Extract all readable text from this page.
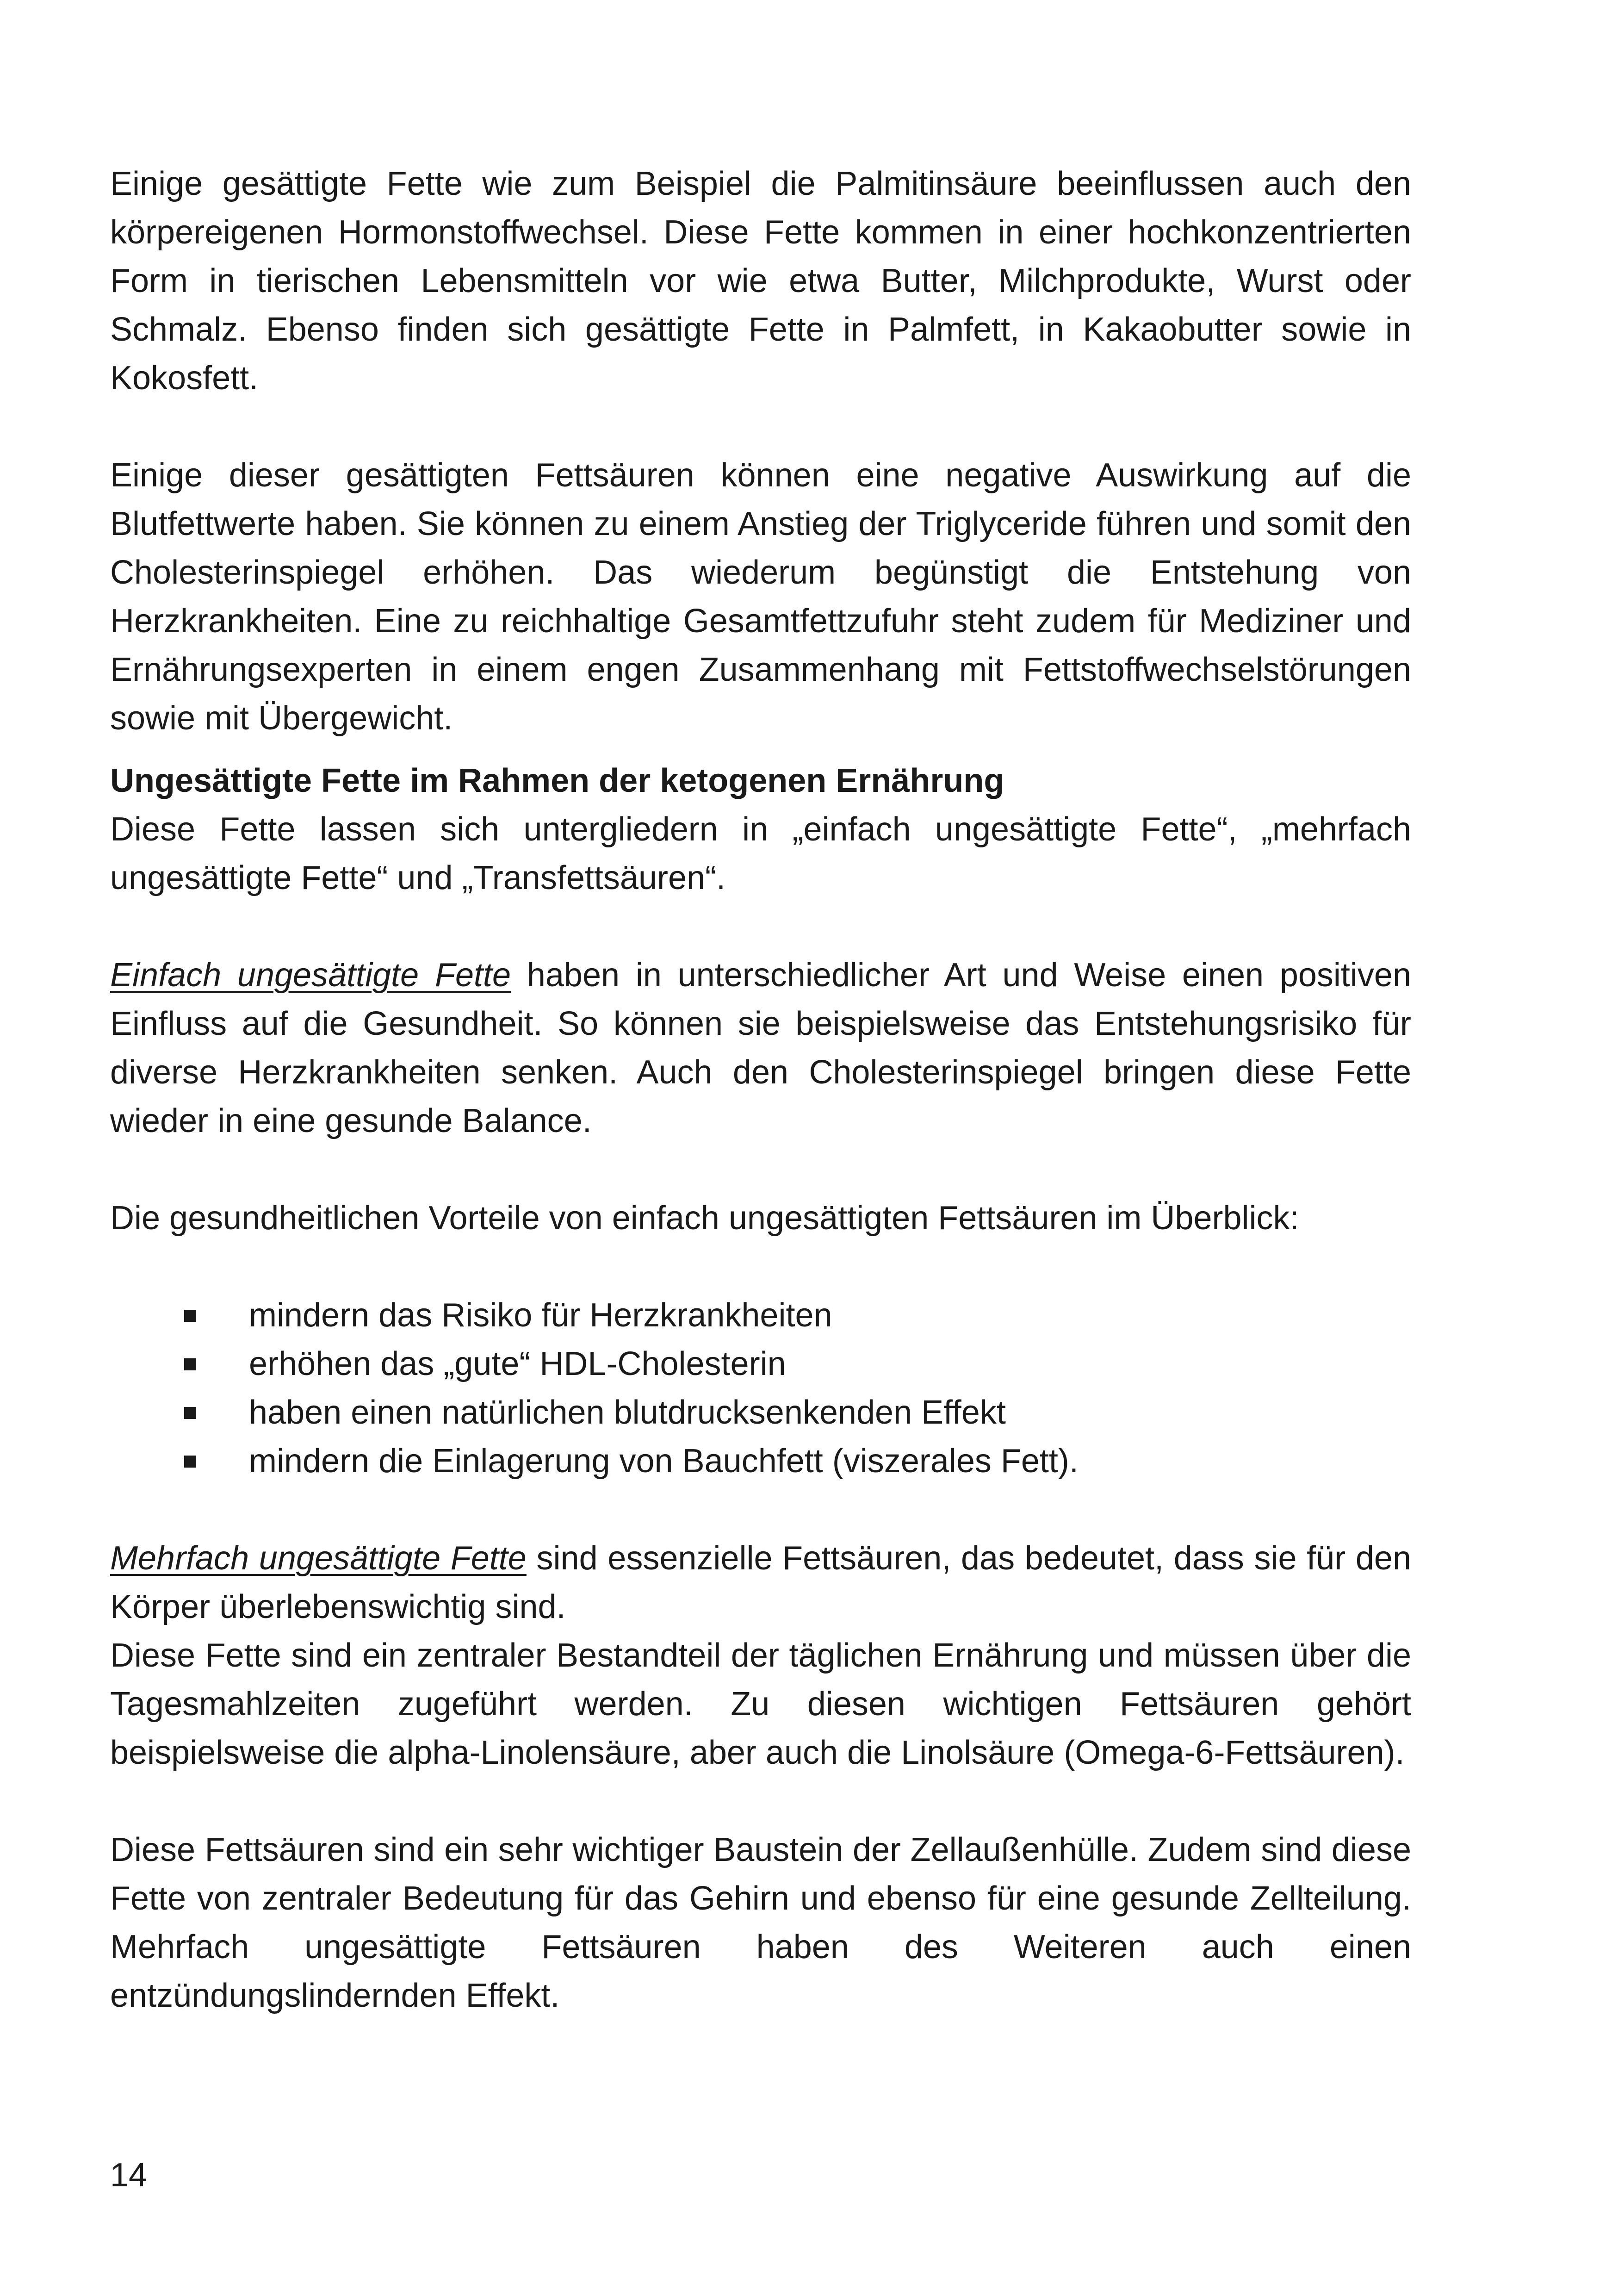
Einige gesättigte Fette wie zum Beispiel die Palmitinsäure beeinflussen auch den körpereigenen Hormonstoffwechsel. Diese Fette kommen in einer hochkonzentrierten Form in tierischen Lebensmitteln vor wie etwa Butter, Milchprodukte, Wurst oder Schmalz. Ebenso finden sich gesättigte Fette in Palmfett, in Kakaobutter sowie in Kokosfett.

Einige dieser gesättigten Fettsäuren können eine negative Auswirkung auf die Blutfettwerte haben. Sie können zu einem Anstieg der Triglyceride führen und somit den Cholesterinspiegel erhöhen. Das wiederum begünstigt die Entstehung von Herzkrankheiten. Eine zu reichhaltige Gesamtfettzufuhr steht zudem für Mediziner und Ernährungsexperten in einem engen Zusammenhang mit Fettstoffwechselstörungen sowie mit Übergewicht.

Ungesättigte Fette im Rahmen der ketogenen Ernährung

Diese Fette lassen sich untergliedern in „einfach ungesättigte Fette“, „mehrfach ungesättigte Fette“ und „Transfettsäuren“.

Einfach ungesättigte Fette haben in unterschiedlicher Art und Weise einen positiven Einfluss auf die Gesundheit. So können sie beispielsweise das Entstehungsrisiko für diverse Herzkrankheiten senken. Auch den Cholesterinspiegel bringen diese Fette wieder in eine gesunde Balance.

Die gesundheitlichen Vorteile von einfach ungesättigten Fettsäuren im Überblick:

mindern das Risiko für Herzkrankheiten
erhöhen das „gute“ HDL-Cholesterin
haben einen natürlichen blutdrucksenkenden Effekt
mindern die Einlagerung von Bauchfett (viszerales Fett).

Mehrfach ungesättigte Fette sind essenzielle Fettsäuren, das bedeutet, dass sie für den Körper überlebenswichtig sind.

Diese Fette sind ein zentraler Bestandteil der täglichen Ernährung und müssen über die Tagesmahlzeiten zugeführt werden. Zu diesen wichtigen Fettsäuren gehört beispielsweise die alpha-Linolensäure, aber auch die Linolsäure (Omega-6-Fettsäuren).

Diese Fettsäuren sind ein sehr wichtiger Baustein der Zellaußenhülle. Zudem sind diese Fette von zentraler Bedeutung für das Gehirn und ebenso für eine gesunde Zellteilung. Mehrfach ungesättigte Fettsäuren haben des Weiteren auch einen entzündungslindernden Effekt.

14
